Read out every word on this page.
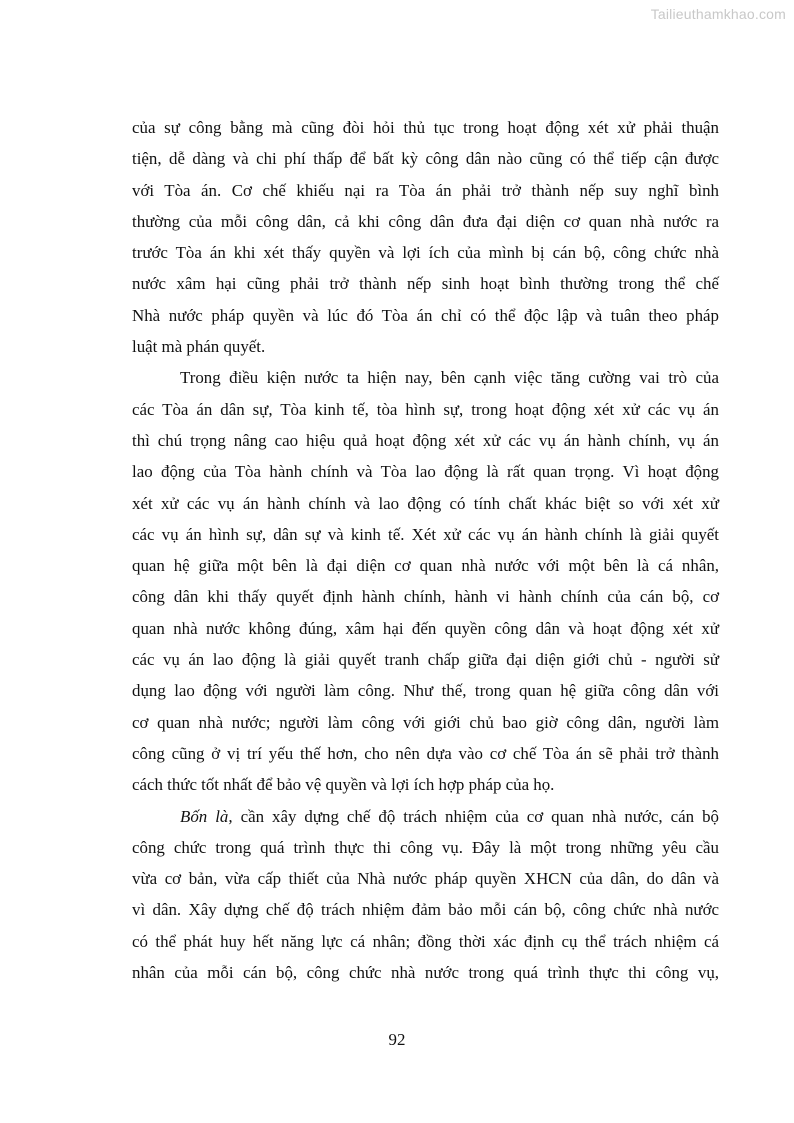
Tailieuthamkhao.com
của sự công bằng mà cũng đòi hỏi thủ tục trong hoạt động xét xử phải thuận
tiện, dễ dàng và chi phí thấp để bất kỳ công dân nào cũng có thể tiếp cận được
với Tòa án. Cơ chế khiếu nại ra Tòa án phải trở thành nếp suy nghĩ bình
thường của mỗi công dân, cả khi công dân đưa đại diện cơ quan nhà nước ra
trước Tòa án khi xét thấy quyền và lợi ích của mình bị cán bộ, công chức nhà
nước xâm hại cũng phải trở thành nếp sinh hoạt bình thường trong thể chế
Nhà nước pháp quyền và lúc đó Tòa án chỉ có thể độc lập và tuân theo pháp
luật mà phán quyết.
Trong điều kiện nước ta hiện nay, bên cạnh việc tăng cường vai trò của
các Tòa án dân sự, Tòa kinh tế, tòa hình sự, trong hoạt động xét xử các vụ án
thì chú trọng nâng cao hiệu quả hoạt động xét xử các vụ án hành chính, vụ án
lao động của Tòa hành chính và Tòa lao động là rất quan trọng. Vì hoạt động
xét xử các vụ án hành chính và lao động có tính chất khác biệt so với xét xử
các vụ án hình sự, dân sự và kinh tế. Xét xử các vụ án hành chính là giải quyết
quan hệ giữa một bên là đại diện cơ quan nhà nước với một bên là cá nhân,
công dân khi thấy quyết định hành chính, hành vi hành chính của cán bộ, cơ
quan nhà nước không đúng, xâm hại đến quyền công dân và hoạt động xét xử
các vụ án lao động là giải quyết tranh chấp giữa đại diện giới chủ - người sử
dụng lao động với người làm công. Như thế, trong quan hệ giữa công dân với
cơ quan nhà nước; người làm công với giới chủ bao giờ công dân, người làm
công cũng ở vị trí yếu thế hơn, cho nên dựa vào cơ chế Tòa án sẽ phải trở thành
cách thức tốt nhất để bảo vệ quyền và lợi ích hợp pháp của họ.
Bốn là, cần xây dựng chế độ trách nhiệm của cơ quan nhà nước, cán bộ
công chức trong quá trình thực thi công vụ. Đây là một trong những yêu cầu
vừa cơ bản, vừa cấp thiết của Nhà nước pháp quyền XHCN của dân, do dân và
vì dân. Xây dựng chế độ trách nhiệm đảm bảo mỗi cán bộ, công chức nhà nước
có thể phát huy hết năng lực cá nhân; đồng thời xác định cụ thể trách nhiệm cá
nhân của mỗi cán bộ, công chức nhà nước trong quá trình thực thi công vụ,
92
